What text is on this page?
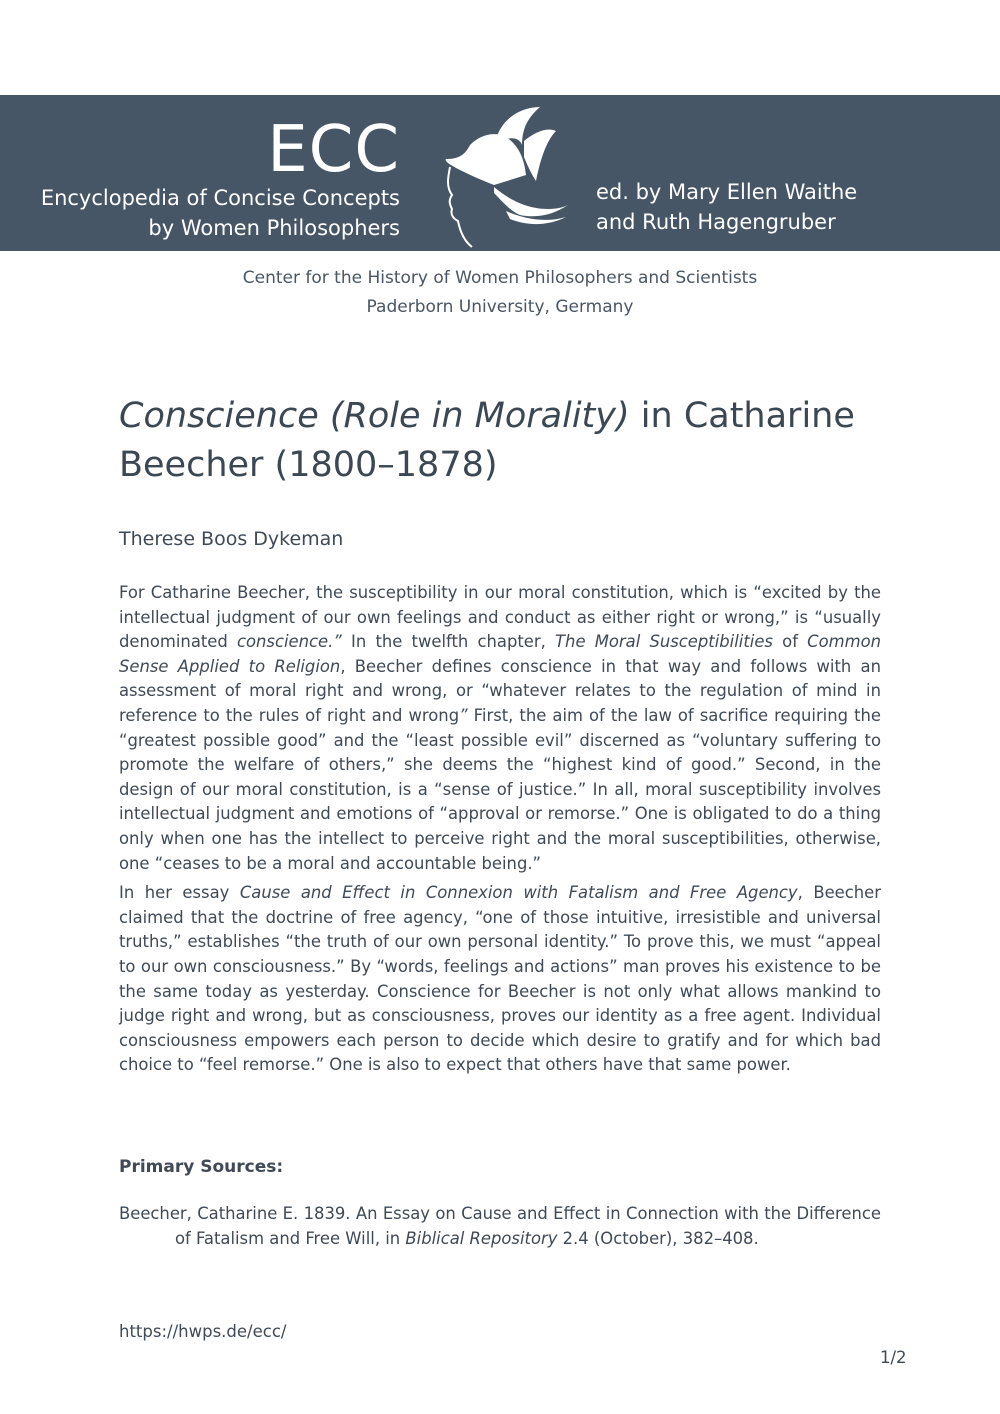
ECC
Encyclopedia of Concise Concepts
by Women Philosophers
ed. by Mary Ellen Waithe
and Ruth Hagengruber
Center for the History of Women Philosophers and Scientists
Paderborn University, Germany
Conscience (Role in Morality) in Catharine Beecher (1800–1878)
Therese Boos Dykeman

For Catharine Beecher, the susceptibility in our moral constitution, which is “excited by the intellectual judgment of our own feelings and conduct as either right or wrong,” is “usually denominated conscience.” In the twelfth chapter, The Moral Susceptibilities of Common Sense Applied to Religion, Beecher defines conscience in that way and follows with an assessment of moral right and wrong, or “whatever relates to the regulation of mind in reference to the rules of right and wrong” First, the aim of the law of sacrifice requiring the “greatest possible good” and the “least possible evil” discerned as “voluntary suffering to promote the welfare of others,” she deems the “highest kind of good.” Second, in the design of our moral constitution, is a “sense of justice.” In all, moral susceptibility involves intellectual judgment and emotions of “approval or remorse.” One is obligated to do a thing only when one has the intellect to perceive right and the moral susceptibilities, otherwise, one “ceases to be a moral and accountable being.”

In her essay Cause and Effect in Connexion with Fatalism and Free Agency, Beecher claimed that the doctrine of free agency, “one of those intuitive, irresistible and universal truths,” establishes “the truth of our own personal identity.” To prove this, we must “appeal to our own consciousness.” By “words, feelings and actions” man proves his existence to be the same today as yesterday. Conscience for Beecher is not only what allows mankind to judge right and wrong, but as consciousness, proves our identity as a free agent. Individual consciousness empowers each person to decide which desire to gratify and for which bad choice to “feel remorse.” One is also to expect that others have that same power.

Primary Sources:
Beecher, Catharine E. 1839. An Essay on Cause and Effect in Connection with the Difference of Fatalism and Free Will, in Biblical Repository 2.4 (October), 382–408.
https://hwps.de/ecc/
1/2
